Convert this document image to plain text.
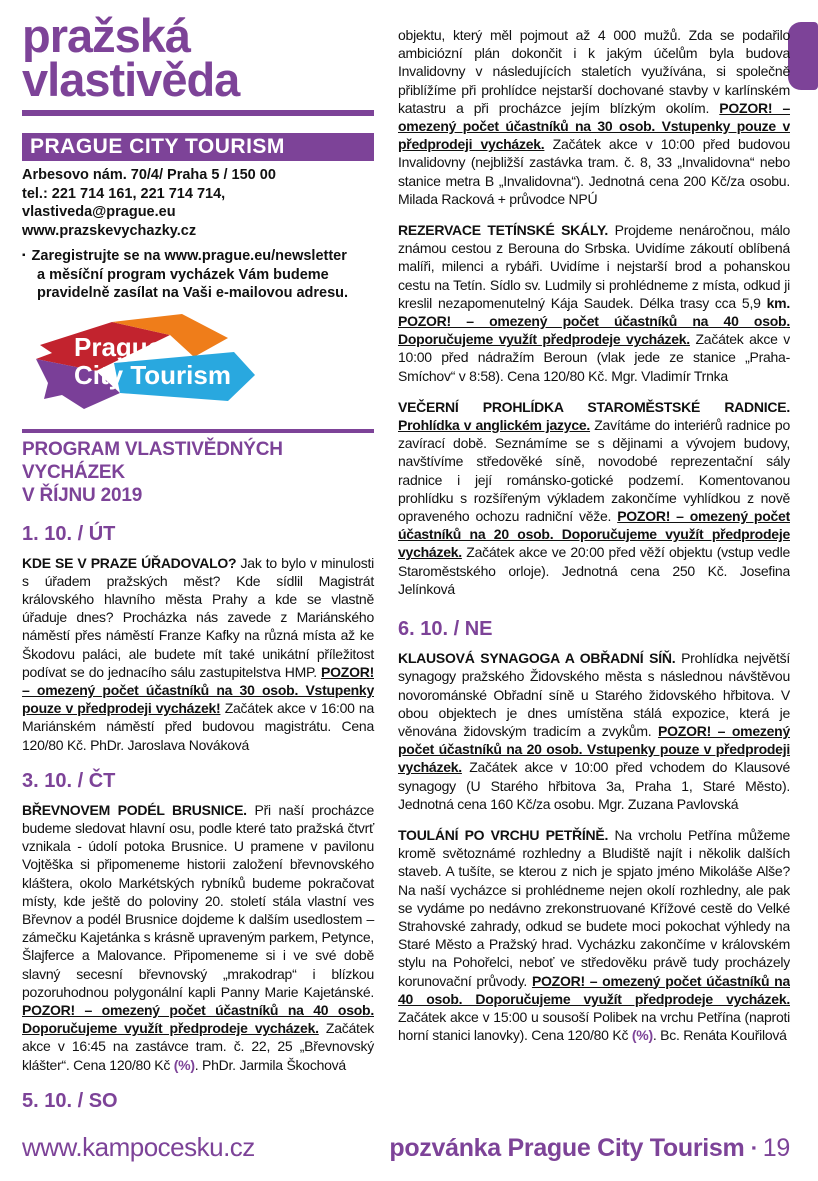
pražská
vlastivěda
PRAGUE CITY TOURISM
Arbesovo nám. 70/4/ Praha 5 / 150 00
tel.: 221 714 161, 221 714 714, vlastiveda@prague.eu
www.prazskevychazky.cz
▪ Zaregistrujte se na www.prague.eu/newsletter
a měsíční program vycházek Vám budeme pravidelně zasílat na Vaši e-mailovou adresu.
Prague
City Tourism
PROGRAM VLASTIVĚDNÝCH VYCHÁZEK
V ŘÍJNU 2019
1. 10. / ÚT

KDE SE V PRAZE ÚŘADOVALO? Jak to bylo v minulosti s úřadem pražských měst? Kde sídlil Magistrát královského hlavního města Prahy a kde se vlastně úřaduje dnes? Procházka nás zavede z Mariánského náměstí přes náměstí Franze Kafky na různá místa až ke Škodovu paláci, ale budete mít také unikátní příležitost podívat se do jednacího sálu zastupitelstva HMP. POZOR! – omezený počet účastníků na 30 osob. Vstupenky pouze v předprodeji vycházek! Začátek akce v 16:00 na Mariánském náměstí před budovou magistrátu. Cena 120/80 Kč. PhDr. Jaroslava Nováková

3. 10. / ČT

BŘEVNOVEM PODÉL BRUSNICE. Při naší procházce budeme sledovat hlavní osu, podle které tato pražská čtvrť vznikala - údolí potoka Brusnice. U pramene v pavilonu Vojtěška si připomeneme historii založení břevnovského kláštera, okolo Markétských rybníků budeme pokračovat místy, kde ještě do poloviny 20. století stála vlastní ves Břevnov a podél Brusnice dojdeme k dalším usedlostem – zámečku Kajetánka s krásně upraveným parkem, Petynce, Šlajferce a Malovance. Připomeneme si i ve své době slavný secesní břevnovský „mrakodrap“ i blízkou pozoruhodnou polygonální kapli Panny Marie Kajetánské. POZOR! – omezený počet účastníků na 40 osob. Doporučujeme využít předprodeje vycházek. Začátek akce v 16:45 na zastávce tram. č. 22, 25 „Břevnovský klášter“. Cena 120/80 Kč (%). PhDr. Jarmila Škochová

5. 10. / SO

objektu, který měl pojmout až 4 000 mužů. Zda se podařilo ambiciózní plán dokončit i k jakým účelům byla budova Invalidovny v následujících staletích využívána, si společně přiblížíme při prohlídce nejstarší dochované stavby v karlínském katastru a při procházce jejím blízkým okolím. POZOR! – omezený počet účastníků na 30 osob. Vstupenky pouze v předprodeji vycházek. Začátek akce v 10:00 před budovou Invalidovny (nejbližší zastávka tram. č. 8, 33 „Invalidovna“ nebo stanice metra B „Invalidovna“). Jednotná cena 200 Kč/za osobu. Milada Racková + průvodce NPÚ

REZERVACE TETÍNSKÉ SKÁLY. Projdeme nenáročnou, málo známou cestou z Berouna do Srbska. Uvidíme zákoutí oblíbená malíři, milenci a rybáři. Uvidíme i nejstarší brod a pohanskou cestu na Tetín. Sídlo sv. Ludmily si prohlédneme z místa, odkud ji kreslil nezapomenutelný Kája Saudek. Délka trasy cca 5,9 km. POZOR! – omezený počet účastníků na 40 osob. Doporučujeme využít předprodeje vycházek. Začátek akce v 10:00 před nádražím Beroun (vlak jede ze stanice „Praha-Smíchov“ v 8:58). Cena 120/80 Kč. Mgr. Vladimír Trnka

VEČERNÍ PROHLÍDKA STAROMĚSTSKÉ RADNICE. Prohlídka v anglickém jazyce. Zavítáme do interiérů radnice po zavírací době. Seznámíme se s dějinami a vývojem budovy, navštívíme středověké síně, novodobé reprezentační sály radnice i její románsko-gotické podzemí. Komentovanou prohlídku s rozšířeným výkladem zakončíme vyhlídkou z nově opraveného ochozu radniční věže. POZOR! – omezený počet účastníků na 20 osob. Doporučujeme využít předprodeje vycházek. Začátek akce ve 20:00 před věží objektu (vstup vedle Staroměstského orloje). Jednotná cena 250 Kč. Josefina Jelínková

6. 10. / NE

KLAUSOVÁ SYNAGOGA A OBŘADNÍ SÍŇ. Prohlídka největší synagogy pražského Židovského města s následnou návštěvou novorománské Obřadní síně u Starého židovského hřbitova. V obou objektech je dnes umístěna stálá expozice, která je věnována židovským tradicím a zvykům. POZOR! – omezený počet účastníků na 20 osob. Vstupenky pouze v předprodeji vycházek. Začátek akce v 10:00 před vchodem do Klausové synagogy (U Starého hřbitova 3a, Praha 1, Staré Město). Jednotná cena 160 Kč/za osobu. Mgr. Zuzana Pavlovská

TOULÁNÍ PO VRCHU PETŘÍNĚ. Na vrcholu Petřína můžeme kromě světoznámé rozhledny a Bludiště najít i několik dalších staveb. A tušíte, se kterou z nich je spjato jméno Mikoláše Alše? Na naší vycházce si prohlédneme nejen okolí rozhledny, ale pak se vydáme po nedávno zrekonstruované Křížové cestě do Velké Strahovské zahrady, odkud se budete moci pokochat výhledy na Staré Město a Pražský hrad. Vycházku zakončíme v královském stylu na Pohořelci, neboť ve středověku právě tudy procházely korunovační průvody. POZOR! – omezený počet účastníků na 40 osob. Doporučujeme využít předprodeje vycházek. Začátek akce v 15:00 u sousoší Polibek na vrchu Petřína (naproti horní stanici lanovky). Cena 120/80 Kč (%). Bc. Renáta Kouřilová

www.kampocesku.cz	pozvánka Prague City Tourism ▪ 19
